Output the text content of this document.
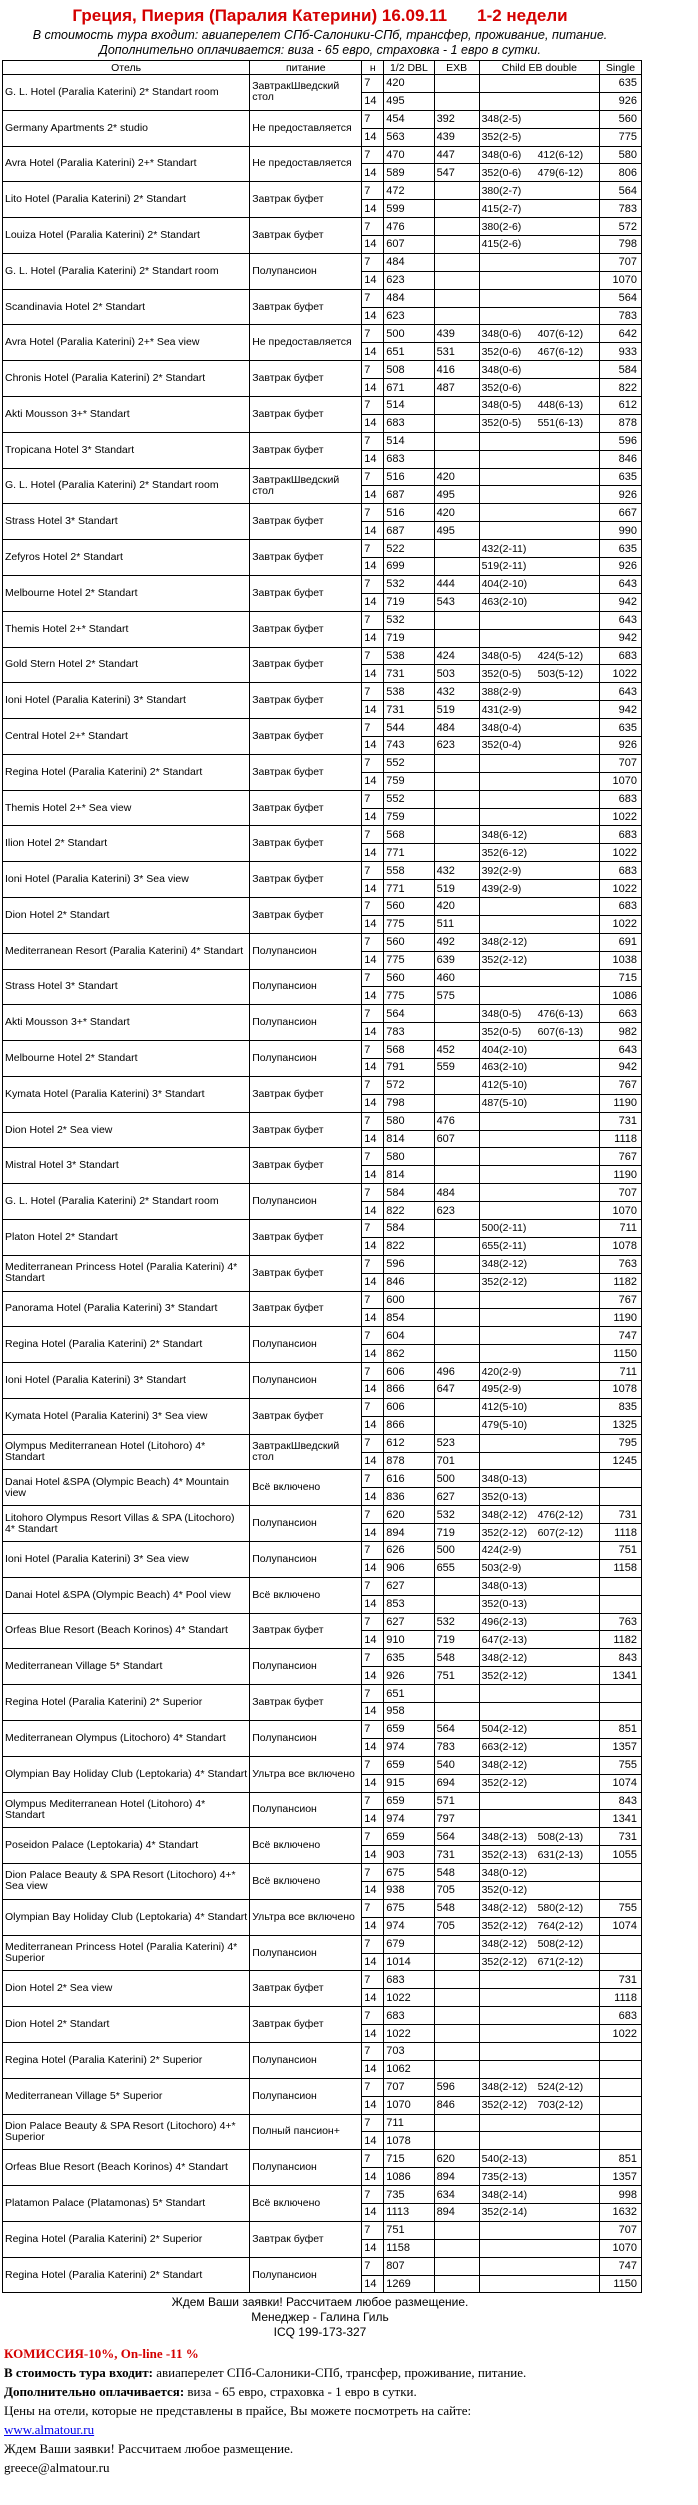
Греция, Пиерия (Паралия Катерини) 16.09.11 1-2 недели
В стоимость тура входит: авиаперелет СПб-Салоники-СПб, трансфер, проживание, питание.
Дополнительно оплачивается: виза - 65 евро, страховка - 1 евро в сутки.
Отель	питание	н	1/2 DBL	EXB	Child EB double	Single
G. L. Hotel (Paralia Katerini) 2* Standart room	ЗавтракШведский стол	7	420			635
		14	495			926
Germany Apartments 2* studio	Не предоставляется	7	454	392	348(2-5)	560
		14	563	439	352(2-5)	775
Avra Hotel (Paralia Katerini) 2+* Standart	Не предоставляется	7	470	447	348(0-6) 412(6-12)	580
		14	589	547	352(0-6) 479(6-12)	806
Lito Hotel (Paralia Katerini) 2* Standart	Завтрак буфет	7	472		380(2-7)	564
		14	599		415(2-7)	783
Louiza Hotel (Paralia Katerini) 2* Standart	Завтрак буфет	7	476		380(2-6)	572
		14	607		415(2-6)	798
G. L. Hotel (Paralia Katerini) 2* Standart room	Полупансион	7	484			707
		14	623			1070
Scandinavia Hotel 2* Standart	Завтрак буфет	7	484			564
		14	623			783
Avra Hotel (Paralia Katerini) 2+* Sea view	Не предоставляется	7	500	439	348(0-6) 407(6-12)	642
		14	651	531	352(0-6) 467(6-12)	933
Chronis Hotel (Paralia Katerini) 2* Standart	Завтрак буфет	7	508	416	348(0-6)	584
		14	671	487	352(0-6)	822
Akti Mousson 3+* Standart	Завтрак буфет	7	514		348(0-5) 448(6-13)	612
		14	683		352(0-5) 551(6-13)	878
Tropicana Hotel 3* Standart	Завтрак буфет	7	514			596
		14	683			846
G. L. Hotel (Paralia Katerini) 2* Standart room	ЗавтракШведский стол	7	516	420		635
		14	687	495		926
Strass Hotel 3* Standart	Завтрак буфет	7	516	420		667
		14	687	495		990
Zefyros Hotel 2* Standart	Завтрак буфет	7	522		432(2-11)	635
		14	699		519(2-11)	926
Melbourne Hotel 2* Standart	Завтрак буфет	7	532	444	404(2-10)	643
		14	719	543	463(2-10)	942
Themis Hotel 2+* Standart	Завтрак буфет	7	532			643
		14	719			942
Gold Stern Hotel 2* Standart	Завтрак буфет	7	538	424	348(0-5) 424(5-12)	683
		14	731	503	352(0-5) 503(5-12)	1022
Ioni Hotel (Paralia Katerini) 3* Standart	Завтрак буфет	7	538	432	388(2-9)	643
		14	731	519	431(2-9)	942
Central Hotel 2+* Standart	Завтрак буфет	7	544	484	348(0-4)	635
		14	743	623	352(0-4)	926
Regina Hotel (Paralia Katerini) 2* Standart	Завтрак буфет	7	552			707
		14	759			1070
Themis Hotel 2+* Sea view	Завтрак буфет	7	552			683
		14	759			1022
Ilion Hotel 2* Standart	Завтрак буфет	7	568		348(6-12)	683
		14	771		352(6-12)	1022
Ioni Hotel (Paralia Katerini) 3* Sea view	Завтрак буфет	7	558	432	392(2-9)	683
		14	771	519	439(2-9)	1022
Dion Hotel 2* Standart	Завтрак буфет	7	560	420		683
		14	775	511		1022
Mediterranean Resort (Paralia Katerini) 4* Standart	Полупансион	7	560	492	348(2-12)	691
		14	775	639	352(2-12)	1038
Strass Hotel 3* Standart	Полупансион	7	560	460		715
		14	775	575		1086
Akti Mousson 3+* Standart	Полупансион	7	564		348(0-5) 476(6-13)	663
		14	783		352(0-5) 607(6-13)	982
Melbourne Hotel 2* Standart	Полупансион	7	568	452	404(2-10)	643
		14	791	559	463(2-10)	942
Kymata Hotel (Paralia Katerini) 3* Standart	Завтрак буфет	7	572		412(5-10)	767
		14	798		487(5-10)	1190
Dion Hotel 2* Sea view	Завтрак буфет	7	580	476		731
		14	814	607		1118
Mistral Hotel 3* Standart	Завтрак буфет	7	580			767
		14	814			1190
G. L. Hotel (Paralia Katerini) 2* Standart room	Полупансион	7	584	484		707
		14	822	623		1070
Platon Hotel 2* Standart	Завтрак буфет	7	584		500(2-11)	711
		14	822		655(2-11)	1078
Mediterranean Princess Hotel (Paralia Katerini) 4* Standart	Завтрак буфет	7	596		348(2-12)	763
		14	846		352(2-12)	1182
Panorama Hotel (Paralia Katerini) 3* Standart	Завтрак буфет	7	600			767
		14	854			1190
Regina Hotel (Paralia Katerini) 2* Standart	Полупансион	7	604			747
		14	862			1150
Ioni Hotel (Paralia Katerini) 3* Standart	Полупансион	7	606	496	420(2-9)	711
		14	866	647	495(2-9)	1078
Kymata Hotel (Paralia Katerini) 3* Sea view	Завтрак буфет	7	606		412(5-10)	835
		14	866		479(5-10)	1325
Olympus Mediterranean Hotel (Litohoro) 4* Standart	ЗавтракШведский стол	7	612	523		795
		14	878	701		1245
Danai Hotel &SPA (Olympic Beach) 4* Mountain view	Всё включено	7	616	500	348(0-13)	
		14	836	627	352(0-13)	
Litohoro Olympus Resort Villas & SPA (Litochoro) 4* Standart	Полупансион	7	620	532	348(2-12) 476(2-12)	731
		14	894	719	352(2-12) 607(2-12)	1118
Ioni Hotel (Paralia Katerini) 3* Sea view	Полупансион	7	626	500	424(2-9)	751
		14	906	655	503(2-9)	1158
Danai Hotel &SPA (Olympic Beach) 4* Pool view	Всё включено	7	627		348(0-13)	
		14	853		352(0-13)	
Orfeas Blue Resort (Beach Korinos) 4* Standart	Завтрак буфет	7	627	532	496(2-13)	763
		14	910	719	647(2-13)	1182
Mediterranean Village 5* Standart	Полупансион	7	635	548	348(2-12)	843
		14	926	751	352(2-12)	1341
Regina Hotel (Paralia Katerini) 2* Superior	Завтрак буфет	7	651			
		14	958			
Mediterranean Olympus (Litochoro) 4* Standart	Полупансион	7	659	564	504(2-12)	851
		14	974	783	663(2-12)	1357
Olympian Bay Holiday Club (Leptokaria) 4* Standart	Ультра все включено	7	659	540	348(2-12)	755
		14	915	694	352(2-12)	1074
Olympus Mediterranean Hotel (Litohoro) 4* Standart	Полупансион	7	659	571		843
		14	974	797		1341
Poseidon Palace (Leptokaria) 4* Standart	Всё включено	7	659	564	348(2-13) 508(2-13)	731
		14	903	731	352(2-13) 631(2-13)	1055
Dion Palace Beauty & SPA Resort (Litochoro) 4+* Sea view	Всё включено	7	675	548	348(0-12)	
		14	938	705	352(0-12)	
Olympian Bay Holiday Club (Leptokaria) 4* Standart	Ультра все включено	7	675	548	348(2-12) 580(2-12)	755
		14	974	705	352(2-12) 764(2-12)	1074
Mediterranean Princess Hotel (Paralia Katerini) 4* Superior	Полупансион	7	679		348(2-12) 508(2-12)	
		14	1014		352(2-12) 671(2-12)	
Dion Hotel 2* Sea view	Завтрак буфет	7	683			731
		14	1022			1118
Dion Hotel 2* Standart	Завтрак буфет	7	683			683
		14	1022			1022
Regina Hotel (Paralia Katerini) 2* Superior	Полупансион	7	703			
		14	1062			
Mediterranean Village 5* Superior	Полупансион	7	707	596	348(2-12) 524(2-12)	
		14	1070	846	352(2-12) 703(2-12)	
Dion Palace Beauty & SPA Resort (Litochoro) 4+* Superior	Полный пансион+	7	711			
		14	1078			
Orfeas Blue Resort (Beach Korinos) 4* Standart	Полупансион	7	715	620	540(2-13)	851
		14	1086	894	735(2-13)	1357
Platamon Palace (Platamonas) 5* Standart	Всё включено	7	735	634	348(2-14)	998
		14	1113	894	352(2-14)	1632
Regina Hotel (Paralia Katerini) 2* Superior	Завтрак буфет	7	751			707
		14	1158			1070
Regina Hotel (Paralia Katerini) 2* Standart	Полупансион	7	807			747
		14	1269			1150
Ждем Ваши заявки! Рассчитаем любое размещение.
Менеджер - Галина Гиль
ICQ 199-173-327
КОМИССИЯ-10%, On-line -11 %
В стоимость тура входит: авиаперелет СПб-Салоники-СПб, трансфер, проживание, питание.
Дополнительно оплачивается: виза - 65 евро, страховка - 1 евро в сутки.
Цены на отели, которые не представлены в прайсе, Вы можете посмотреть на сайте:
www.almatour.ru
Ждем Ваши заявки! Рассчитаем любое размещение.
greece@almatour.ru
